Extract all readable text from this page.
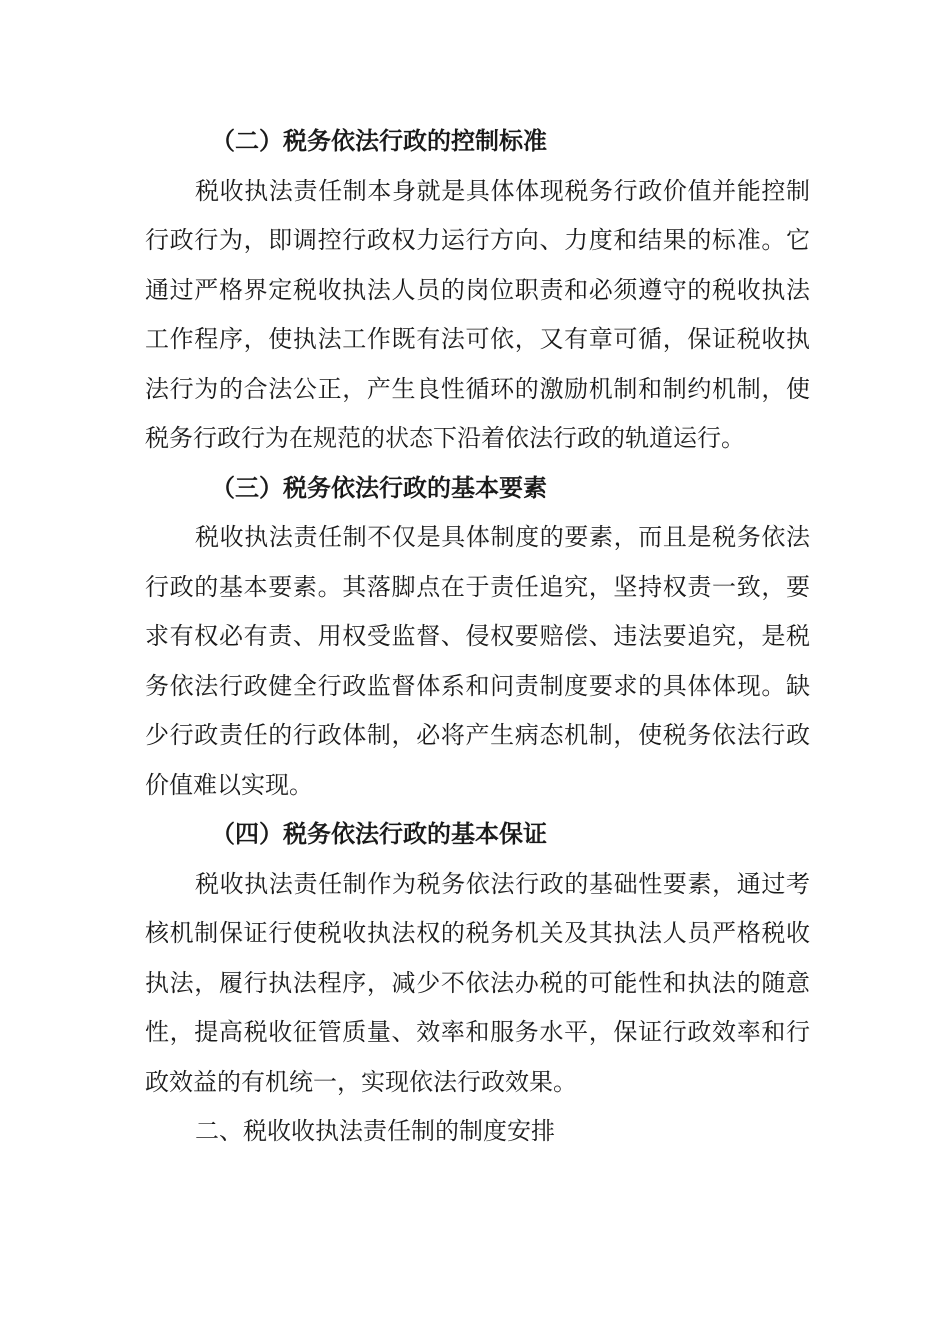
（二）税务依法行政的控制标准

税收执法责任制本身就是具体体现税务行政价值并能控制行政行为，即调控行政权力运行方向、力度和结果的标准。它通过严格界定税收执法人员的岗位职责和必须遵守的税收执法工作程序，使执法工作既有法可依，又有章可循，保证税收执法行为的合法公正，产生良性循环的激励机制和制约机制，使税务行政行为在规范的状态下沿着依法行政的轨道运行。

（三）税务依法行政的基本要素

税收执法责任制不仅是具体制度的要素，而且是税务依法行政的基本要素。其落脚点在于责任追究，坚持权责一致，要求有权必有责、用权受监督、侵权要赔偿、违法要追究，是税务依法行政健全行政监督体系和问责制度要求的具体体现。缺少行政责任的行政体制，必将产生病态机制，使税务依法行政价值难以实现。

（四）税务依法行政的基本保证

税收执法责任制作为税务依法行政的基础性要素，通过考核机制保证行使税收执法权的税务机关及其执法人员严格税收执法，履行执法程序，减少不依法办税的可能性和执法的随意性，提高税收征管质量、效率和服务水平，保证行政效率和行政效益的有机统一，实现依法行政效果。

二、税收收执法责任制的制度安排
